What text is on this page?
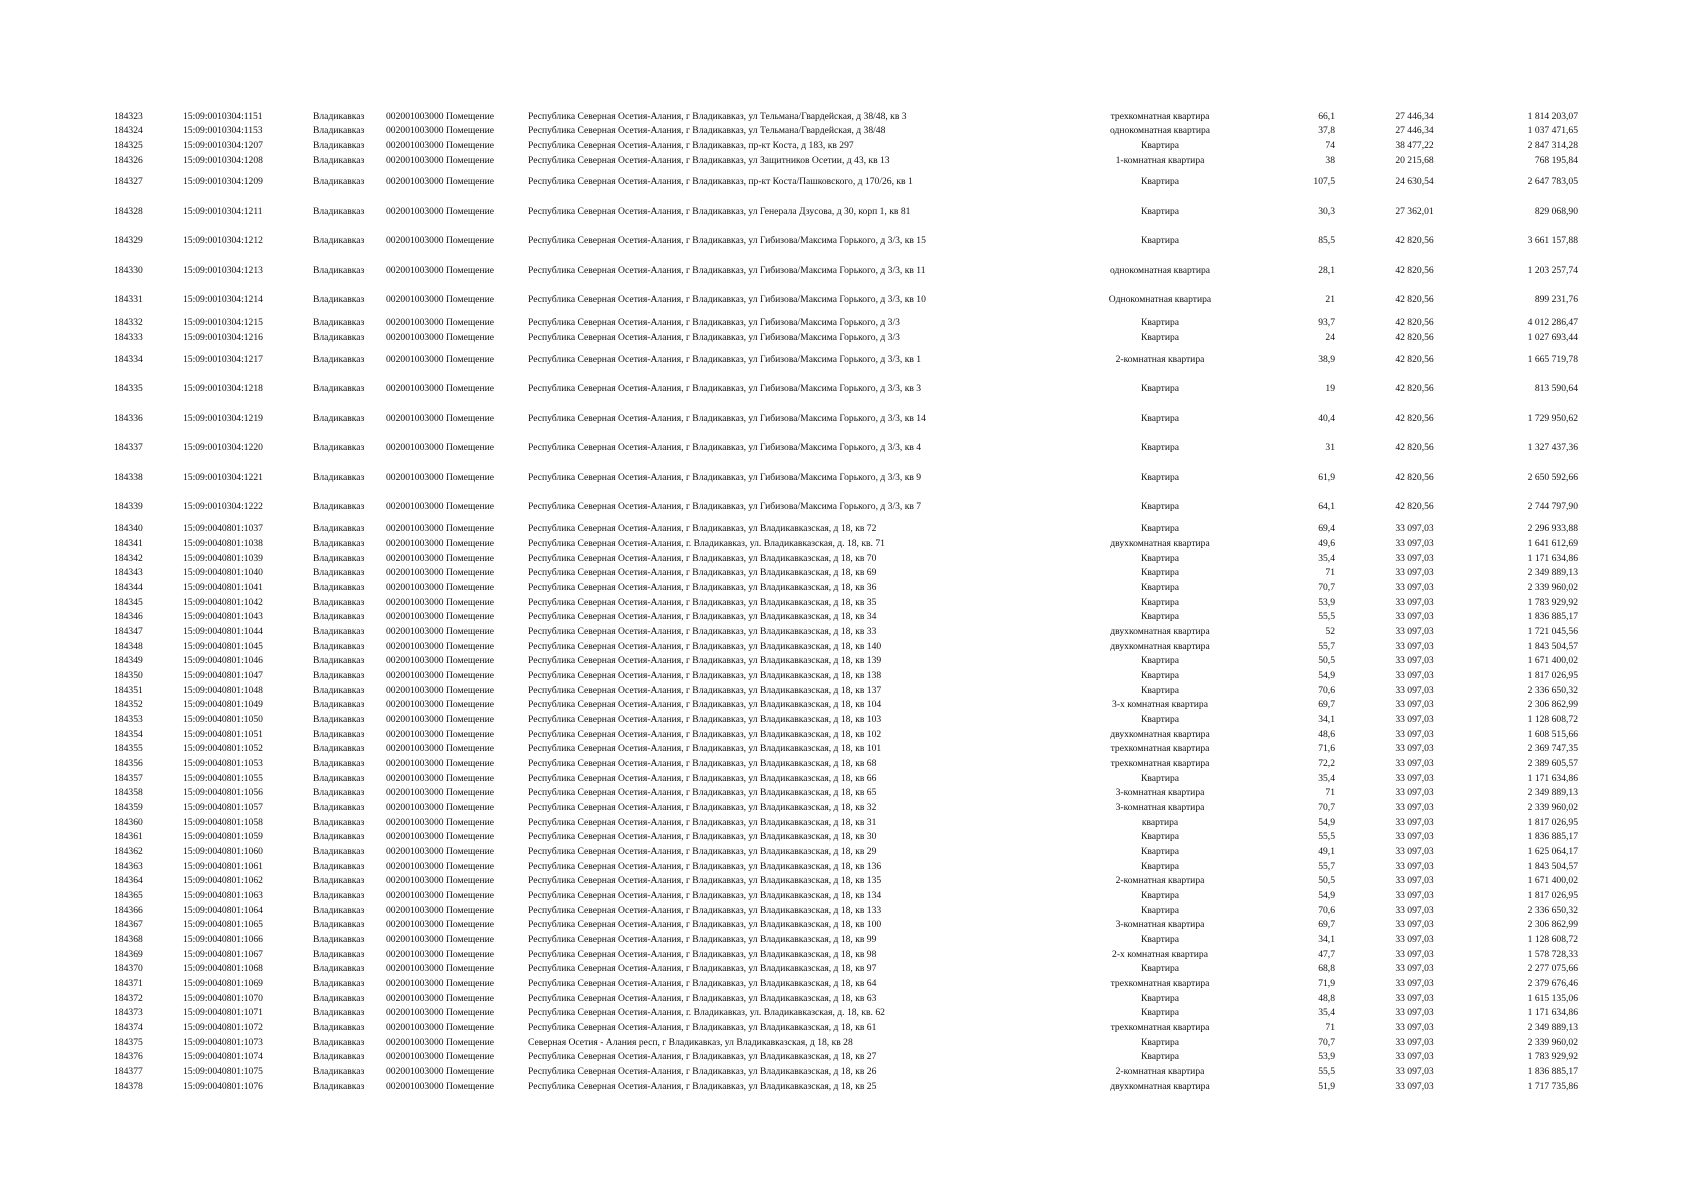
184323	15:09:0010304:1151	Владикавказ	002001003000 Помещение	Республика Северная Осетия-Алания, г Владикавказ, ул Тельмана/Гвардейская, д 38/48, кв 3	трехкомнатная квартира	66,1	27 446,34	1 814 203,07
184324	15:09:0010304:1153	Владикавказ	002001003000 Помещение	Республика Северная Осетия-Алания, г Владикавказ, ул Тельмана/Гвардейская, д 38/48	однокомнатная квартира	37,8	27 446,34	1 037 471,65
184325	15:09:0010304:1207	Владикавказ	002001003000 Помещение	Республика Северная Осетия-Алания, г Владикавказ, пр-кт Коста, д 183, кв 297	Квартира	74	38 477,22	2 847 314,28
184326	15:09:0010304:1208	Владикавказ	002001003000 Помещение	Республика Северная Осетия-Алания, г Владикавказ, ул Защитников Осетии, д 43, кв 13	1-комнатная квартира	38	20 215,68	768 195,84
184327	15:09:0010304:1209	Владикавказ	002001003000 Помещение	Республика Северная Осетия-Алания, г Владикавказ, пр-кт Коста/Пашковского, д 170/26, кв 1	Квартира	107,5	24 630,54	2 647 783,05
184328	15:09:0010304:1211	Владикавказ	002001003000 Помещение	Республика Северная Осетия-Алания, г Владикавказ, ул Генерала Дзусова, д 30, корп 1, кв 81	Квартира	30,3	27 362,01	829 068,90
184329	15:09:0010304:1212	Владикавказ	002001003000 Помещение	Республика Северная Осетия-Алания, г Владикавказ, ул Гибизова/Максима Горького, д 3/3, кв 15	Квартира	85,5	42 820,56	3 661 157,88
184330	15:09:0010304:1213	Владикавказ	002001003000 Помещение	Республика Северная Осетия-Алания, г Владикавказ, ул Гибизова/Максима Горького, д 3/3, кв 11	однокомнатная квартира	28,1	42 820,56	1 203 257,74
184331	15:09:0010304:1214	Владикавказ	002001003000 Помещение	Республика Северная Осетия-Алания, г Владикавказ, ул Гибизова/Максима Горького, д 3/3, кв 10	Однокомнатная квартира	21	42 820,56	899 231,76
184332	15:09:0010304:1215	Владикавказ	002001003000 Помещение	Республика Северная Осетия-Алания, г Владикавказ, ул Гибизова/Максима Горького, д 3/3	Квартира	93,7	42 820,56	4 012 286,47
184333	15:09:0010304:1216	Владикавказ	002001003000 Помещение	Республика Северная Осетия-Алания, г Владикавказ, ул Гибизова/Максима Горького, д 3/3	Квартира	24	42 820,56	1 027 693,44
184334	15:09:0010304:1217	Владикавказ	002001003000 Помещение	Республика Северная Осетия-Алания, г Владикавказ, ул Гибизова/Максима Горького, д 3/3, кв 1	2-комнатная квартира	38,9	42 820,56	1 665 719,78
184335	15:09:0010304:1218	Владикавказ	002001003000 Помещение	Республика Северная Осетия-Алания, г Владикавказ, ул Гибизова/Максима Горького, д 3/3, кв 3	Квартира	19	42 820,56	813 590,64
184336	15:09:0010304:1219	Владикавказ	002001003000 Помещение	Республика Северная Осетия-Алания, г Владикавказ, ул Гибизова/Максима Горького, д 3/3, кв 14	Квартира	40,4	42 820,56	1 729 950,62
184337	15:09:0010304:1220	Владикавказ	002001003000 Помещение	Республика Северная Осетия-Алания, г Владикавказ, ул Гибизова/Максима Горького, д 3/3, кв 4	Квартира	31	42 820,56	1 327 437,36
184338	15:09:0010304:1221	Владикавказ	002001003000 Помещение	Республика Северная Осетия-Алания, г Владикавказ, ул Гибизова/Максима Горького, д 3/3, кв 9	Квартира	61,9	42 820,56	2 650 592,66
184339	15:09:0010304:1222	Владикавказ	002001003000 Помещение	Республика Северная Осетия-Алания, г Владикавказ, ул Гибизова/Максима Горького, д 3/3, кв 7	Квартира	64,1	42 820,56	2 744 797,90
184340	15:09:0040801:1037	Владикавказ	002001003000 Помещение	Республика Северная Осетия-Алания, г Владикавказ, ул Владикавказская, д 18, кв 72	Квартира	69,4	33 097,03	2 296 933,88
184341	15:09:0040801:1038	Владикавказ	002001003000 Помещение	Республика Северная Осетия-Алания, г. Владикавказ, ул. Владикавказская, д. 18, кв. 71	двухкомнатная квартира	49,6	33 097,03	1 641 612,69
184342	15:09:0040801:1039	Владикавказ	002001003000 Помещение	Республика Северная Осетия-Алания, г Владикавказ, ул Владикавказская, д 18, кв 70	Квартира	35,4	33 097,03	1 171 634,86
184343	15:09:0040801:1040	Владикавказ	002001003000 Помещение	Республика Северная Осетия-Алания, г Владикавказ, ул Владикавказская, д 18, кв 69	Квартира	71	33 097,03	2 349 889,13
184344	15:09:0040801:1041	Владикавказ	002001003000 Помещение	Республика Северная Осетия-Алания, г Владикавказ, ул Владикавказская, д 18, кв 36	Квартира	70,7	33 097,03	2 339 960,02
184345	15:09:0040801:1042	Владикавказ	002001003000 Помещение	Республика Северная Осетия-Алания, г Владикавказ, ул Владикавказская, д 18, кв 35	Квартира	53,9	33 097,03	1 783 929,92
184346	15:09:0040801:1043	Владикавказ	002001003000 Помещение	Республика Северная Осетия-Алания, г Владикавказ, ул Владикавказская, д 18, кв 34	Квартира	55,5	33 097,03	1 836 885,17
184347	15:09:0040801:1044	Владикавказ	002001003000 Помещение	Республика Северная Осетия-Алания, г Владикавказ, ул Владикавказская, д 18, кв 33	двухкомнатная квартира	52	33 097,03	1 721 045,56
184348	15:09:0040801:1045	Владикавказ	002001003000 Помещение	Республика Северная Осетия-Алания, г Владикавказ, ул Владикавказская, д 18, кв 140	двухкомнатная квартира	55,7	33 097,03	1 843 504,57
184349	15:09:0040801:1046	Владикавказ	002001003000 Помещение	Республика Северная Осетия-Алания, г Владикавказ, ул Владикавказская, д 18, кв 139	Квартира	50,5	33 097,03	1 671 400,02
184350	15:09:0040801:1047	Владикавказ	002001003000 Помещение	Республика Северная Осетия-Алания, г Владикавказ, ул Владикавказская, д 18, кв 138	Квартира	54,9	33 097,03	1 817 026,95
184351	15:09:0040801:1048	Владикавказ	002001003000 Помещение	Республика Северная Осетия-Алания, г Владикавказ, ул Владикавказская, д 18, кв 137	Квартира	70,6	33 097,03	2 336 650,32
184352	15:09:0040801:1049	Владикавказ	002001003000 Помещение	Республика Северная Осетия-Алания, г Владикавказ, ул Владикавказская, д 18, кв 104	3-х комнатная квартира	69,7	33 097,03	2 306 862,99
184353	15:09:0040801:1050	Владикавказ	002001003000 Помещение	Республика Северная Осетия-Алания, г Владикавказ, ул Владикавказская, д 18, кв 103	Квартира	34,1	33 097,03	1 128 608,72
184354	15:09:0040801:1051	Владикавказ	002001003000 Помещение	Республика Северная Осетия-Алания, г Владикавказ, ул Владикавказская, д 18, кв 102	двухкомнатная квартира	48,6	33 097,03	1 608 515,66
184355	15:09:0040801:1052	Владикавказ	002001003000 Помещение	Республика Северная Осетия-Алания, г Владикавказ, ул Владикавказская, д 18, кв 101	трехкомнатная квартира	71,6	33 097,03	2 369 747,35
184356	15:09:0040801:1053	Владикавказ	002001003000 Помещение	Республика Северная Осетия-Алания, г Владикавказ, ул Владикавказская, д 18, кв 68	трехкомнатная квартира	72,2	33 097,03	2 389 605,57
184357	15:09:0040801:1055	Владикавказ	002001003000 Помещение	Республика Северная Осетия-Алания, г Владикавказ, ул Владикавказская, д 18, кв 66	Квартира	35,4	33 097,03	1 171 634,86
184358	15:09:0040801:1056	Владикавказ	002001003000 Помещение	Республика Северная Осетия-Алания, г Владикавказ, ул Владикавказская, д 18, кв 65	3-комнатная квартира	71	33 097,03	2 349 889,13
184359	15:09:0040801:1057	Владикавказ	002001003000 Помещение	Республика Северная Осетия-Алания, г Владикавказ, ул Владикавказская, д 18, кв 32	3-комнатная квартира	70,7	33 097,03	2 339 960,02
184360	15:09:0040801:1058	Владикавказ	002001003000 Помещение	Республика Северная Осетия-Алания, г Владикавказ, ул Владикавказская, д 18, кв 31	квартира	54,9	33 097,03	1 817 026,95
184361	15:09:0040801:1059	Владикавказ	002001003000 Помещение	Республика Северная Осетия-Алания, г Владикавказ, ул Владикавказская, д 18, кв 30	Квартира	55,5	33 097,03	1 836 885,17
184362	15:09:0040801:1060	Владикавказ	002001003000 Помещение	Республика Северная Осетия-Алания, г Владикавказ, ул Владикавказская, д 18, кв 29	Квартира	49,1	33 097,03	1 625 064,17
184363	15:09:0040801:1061	Владикавказ	002001003000 Помещение	Республика Северная Осетия-Алания, г Владикавказ, ул Владикавказская, д 18, кв 136	Квартира	55,7	33 097,03	1 843 504,57
184364	15:09:0040801:1062	Владикавказ	002001003000 Помещение	Республика Северная Осетия-Алания, г Владикавказ, ул Владикавказская, д 18, кв 135	2-комнатная квартира	50,5	33 097,03	1 671 400,02
184365	15:09:0040801:1063	Владикавказ	002001003000 Помещение	Республика Северная Осетия-Алания, г Владикавказ, ул Владикавказская, д 18, кв 134	Квартира	54,9	33 097,03	1 817 026,95
184366	15:09:0040801:1064	Владикавказ	002001003000 Помещение	Республика Северная Осетия-Алания, г Владикавказ, ул Владикавказская, д 18, кв 133	Квартира	70,6	33 097,03	2 336 650,32
184367	15:09:0040801:1065	Владикавказ	002001003000 Помещение	Республика Северная Осетия-Алания, г Владикавказ, ул Владикавказская, д 18, кв 100	3-комнатная квартира	69,7	33 097,03	2 306 862,99
184368	15:09:0040801:1066	Владикавказ	002001003000 Помещение	Республика Северная Осетия-Алания, г Владикавказ, ул Владикавказская, д 18, кв 99	Квартира	34,1	33 097,03	1 128 608,72
184369	15:09:0040801:1067	Владикавказ	002001003000 Помещение	Республика Северная Осетия-Алания, г Владикавказ, ул Владикавказская, д 18, кв 98	2-х комнатная квартира	47,7	33 097,03	1 578 728,33
184370	15:09:0040801:1068	Владикавказ	002001003000 Помещение	Республика Северная Осетия-Алания, г Владикавказ, ул Владикавказская, д 18, кв 97	Квартира	68,8	33 097,03	2 277 075,66
184371	15:09:0040801:1069	Владикавказ	002001003000 Помещение	Республика Северная Осетия-Алания, г Владикавказ, ул Владикавказская, д 18, кв 64	трехкомнатная квартира	71,9	33 097,03	2 379 676,46
184372	15:09:0040801:1070	Владикавказ	002001003000 Помещение	Республика Северная Осетия-Алания, г Владикавказ, ул Владикавказская, д 18, кв 63	Квартира	48,8	33 097,03	1 615 135,06
184373	15:09:0040801:1071	Владикавказ	002001003000 Помещение	Республика Северная Осетия-Алания, г. Владикавказ, ул. Владикавказская, д. 18, кв. 62	Квартира	35,4	33 097,03	1 171 634,86
184374	15:09:0040801:1072	Владикавказ	002001003000 Помещение	Республика Северная Осетия-Алания, г Владикавказ, ул Владикавказская, д 18, кв 61	трехкомнатная квартира	71	33 097,03	2 349 889,13
184375	15:09:0040801:1073	Владикавказ	002001003000 Помещение	Северная Осетия - Алания респ, г Владикавказ, ул Владикавказская, д 18, кв 28	Квартира	70,7	33 097,03	2 339 960,02
184376	15:09:0040801:1074	Владикавказ	002001003000 Помещение	Республика Северная Осетия-Алания, г Владикавказ, ул Владикавказская, д 18, кв 27	Квартира	53,9	33 097,03	1 783 929,92
184377	15:09:0040801:1075	Владикавказ	002001003000 Помещение	Республика Северная Осетия-Алания, г Владикавказ, ул Владикавказская, д 18, кв 26	2-комнатная квартира	55,5	33 097,03	1 836 885,17
184378	15:09:0040801:1076	Владикавказ	002001003000 Помещение	Республика Северная Осетия-Алания, г Владикавказ, ул Владикавказская, д 18, кв 25	двухкомнатная квартира	51,9	33 097,03	1 717 735,86
